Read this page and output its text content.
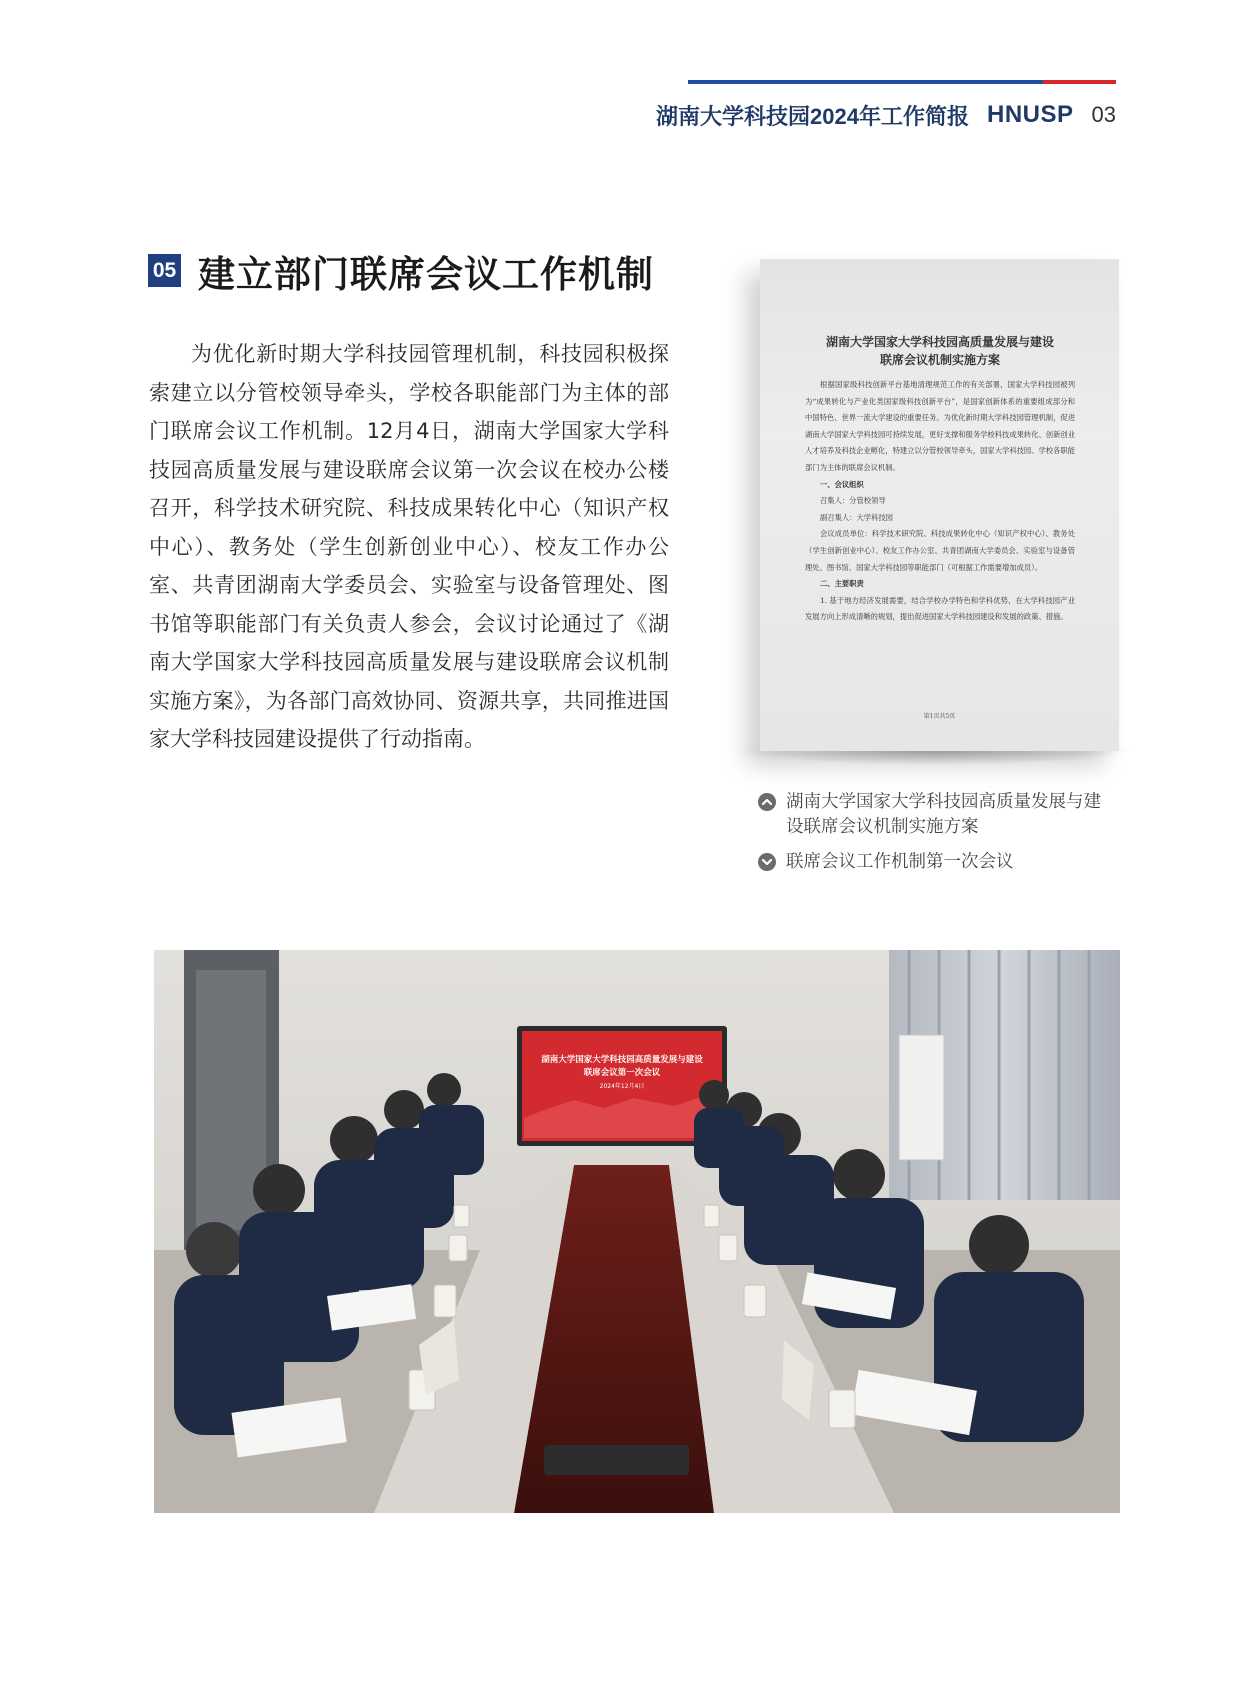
湖南大学科技园2024年工作简报 HNUSP 03
05 建立部门联席会议工作机制

为优化新时期大学科技园管理机制，科技园积极探索建立以分管校领导牵头，学校各职能部门为主体的部门联席会议工作机制。12月4日，湖南大学国家大学科技园高质量发展与建设联席会议第一次会议在校办公楼召开，科学技术研究院、科技成果转化中心（知识产权中心）、教务处（学生创新创业中心）、校友工作办公室、共青团湖南大学委员会、实验室与设备管理处、图书馆等职能部门有关负责人参会，会议讨论通过了《湖南大学国家大学科技园高质量发展与建设联席会议机制实施方案》，为各部门高效协同、资源共享，共同推进国家大学科技园建设提供了行动指南。

湖南大学国家大学科技园高质量发展与建设
联席会议机制实施方案

根据国家级科技创新平台基地清理规范工作的有关部署，国家大学科技园被列为“成果转化与产业化类国家级科技创新平台”，是国家创新体系的重要组成部分和中国特色、世界一流大学建设的重要任务。为优化新时期大学科技园管理机制，促进湖南大学国家大学科技园可持续发展，更好支撑和服务学校科技成果转化、创新创业人才培养及科技企业孵化，特建立以分管校领导牵头，国家大学科技园、学校各职能部门为主体的联席会议机制。

一、会议组织

召集人：分管校领导

副召集人：大学科技园

会议成员单位：科学技术研究院、科技成果转化中心（知识产权中心）、教务处（学生创新创业中心）、校友工作办公室、共青团湖南大学委员会、实验室与设备管理处、图书馆、国家大学科技园等职能部门（可根据工作需要增加成员）。

二、主要职责

1. 基于地方经济发展需要，结合学校办学特色和学科优势，在大学科技园产业发展方向上形成清晰的规划，提出促进国家大学科技园建设和发展的政策、措施。

第1页共5页
湖南大学国家大学科技园高质量发展与建设联席会议机制实施方案
联席会议工作机制第一次会议
湖南大学国家大学科技园高质量发展与建设
联席会议第一次会议
2024年12月4日
